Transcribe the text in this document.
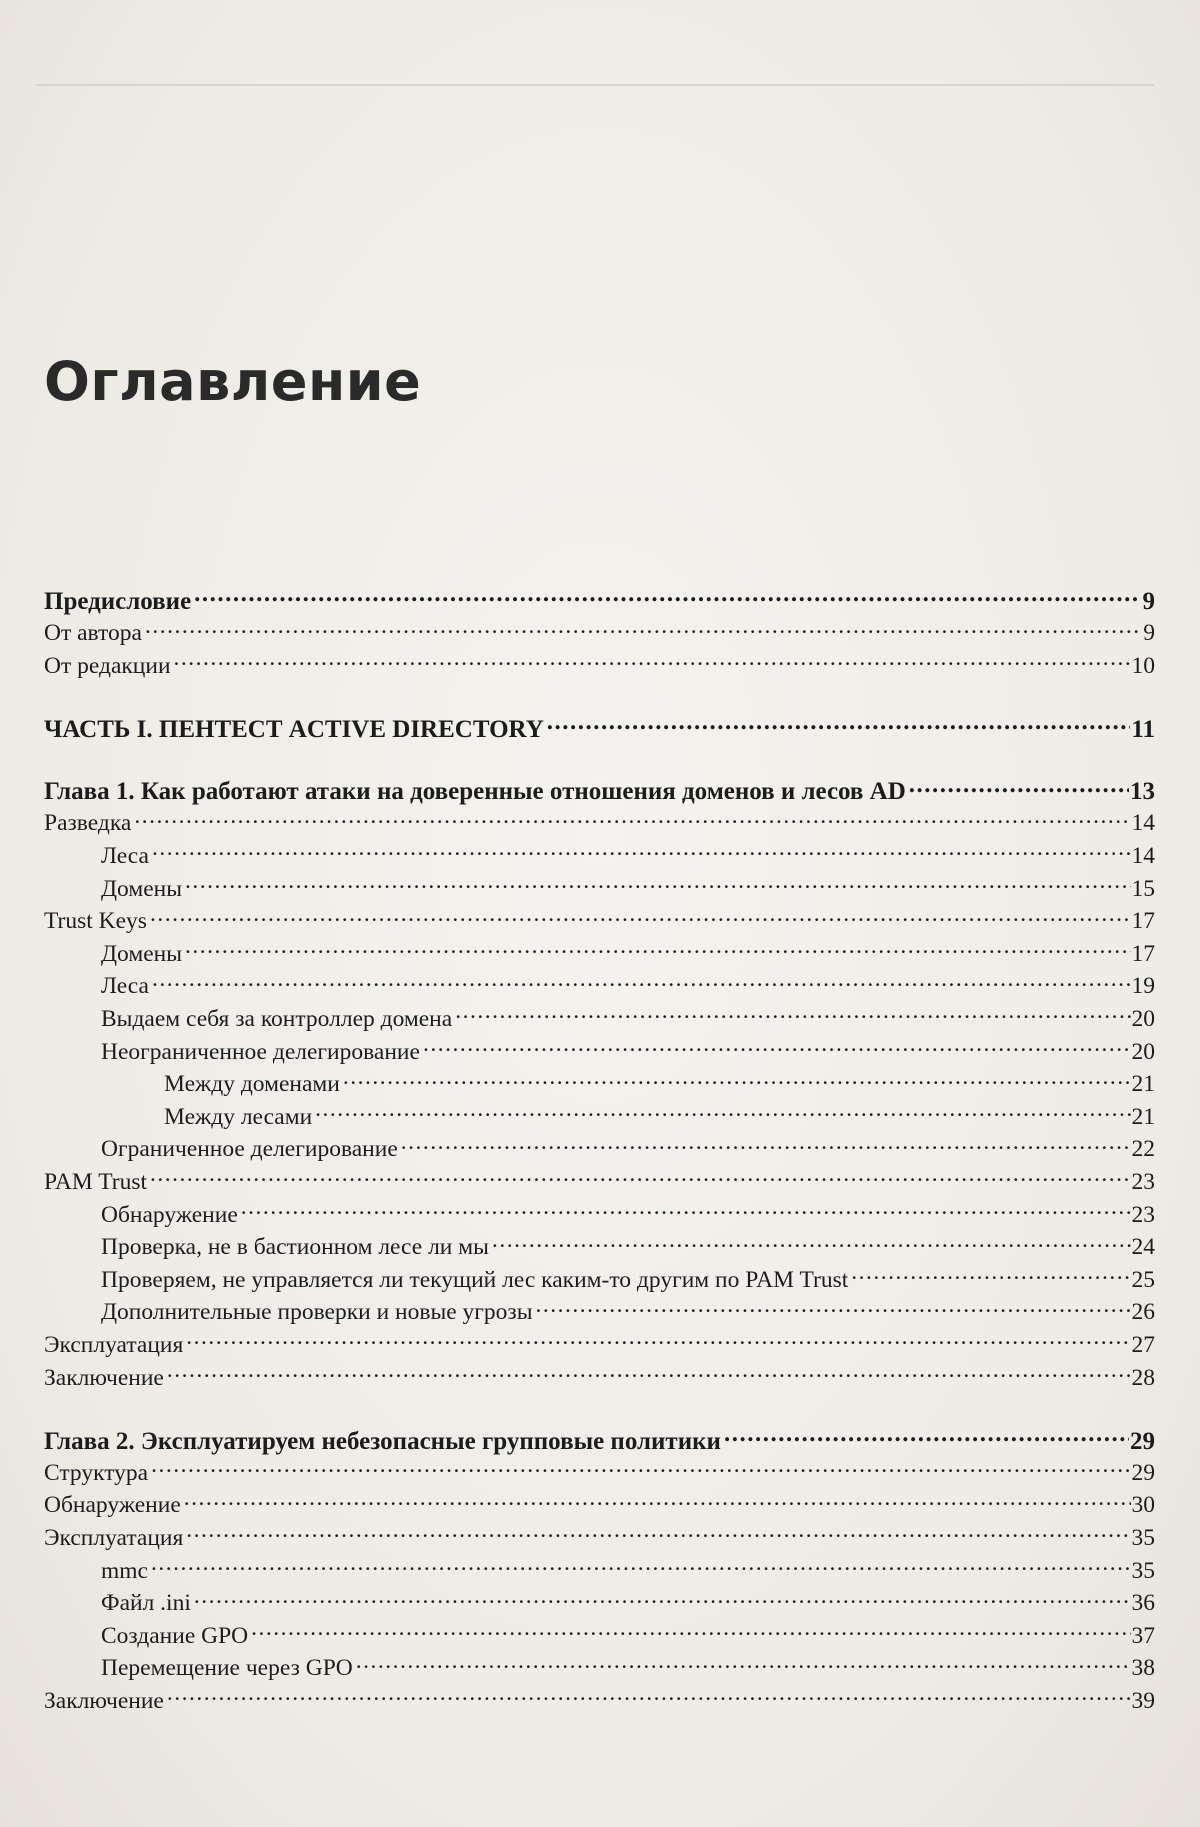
Оглавление
Предисловие .....	9
От автора .....	9
От редакции .....	10
ЧАСТЬ I. ПЕНТЕСТ ACTIVE DIRECTORY .....	11
Глава 1. Как работают атаки на доверенные отношения доменов и лесов AD .....	13
Разведка .....	14
Леса .....	14
Домены .....	15
Trust Keys .....	17
Домены .....	17
Леса .....	19
Выдаем себя за контроллер домена .....	20
Неограниченное делегирование .....	20
Между доменами .....	21
Между лесами .....	21
Ограниченное делегирование .....	22
PAM Trust .....	23
Обнаружение .....	23
Проверка, не в бастионном лесе ли мы .....	24
Проверяем, не управляется ли текущий лес каким-то другим по PAM Trust .....	25
Дополнительные проверки и новые угрозы .....	26
Эксплуатация .....	27
Заключение .....	28
Глава 2. Эксплуатируем небезопасные групповые политики .....	29
Структура .....	29
Обнаружение .....	30
Эксплуатация .....	35
mmc .....	35
Файл .ini .....	36
Создание GPO .....	37
Перемещение через GPO .....	38
Заключение .....	39
